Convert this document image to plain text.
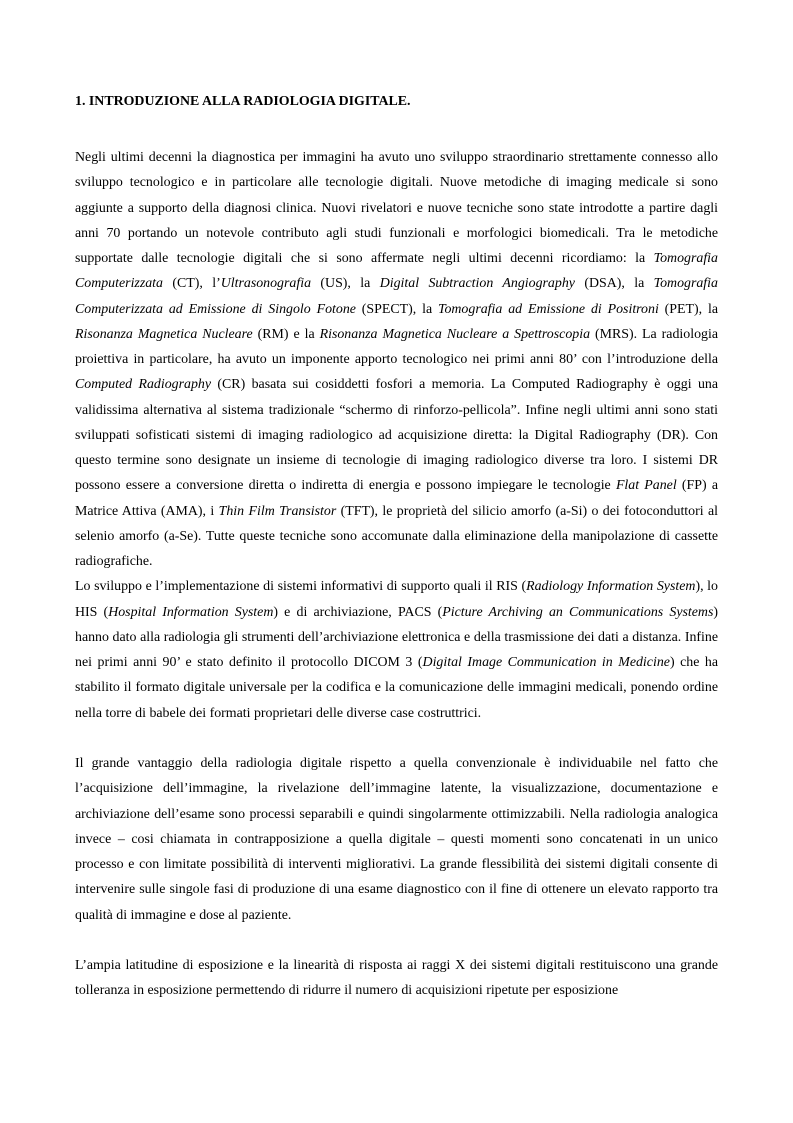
1. INTRODUZIONE ALLA RADIOLOGIA DIGITALE.

Negli ultimi decenni la diagnostica per immagini ha avuto uno sviluppo straordinario strettamente connesso allo sviluppo tecnologico e in particolare alle tecnologie digitali. Nuove metodiche di imaging medicale si sono aggiunte a supporto della diagnosi clinica. Nuovi rivelatori e nuove tecniche sono state introdotte a partire dagli anni 70 portando un notevole contributo agli studi funzionali e morfologici biomedicali. Tra le metodiche supportate dalle tecnologie digitali che si sono affermate negli ultimi decenni ricordiamo: la Tomografia Computerizzata (CT), l’Ultrasonografia (US), la Digital Subtraction Angiography (DSA), la Tomografia Computerizzata ad Emissione di Singolo Fotone (SPECT), la Tomografia ad Emissione di Positroni (PET), la Risonanza Magnetica Nucleare (RM) e la Risonanza Magnetica Nucleare a Spettroscopia (MRS). La radiologia proiettiva in particolare, ha avuto un imponente apporto tecnologico nei primi anni 80’ con l’introduzione della Computed Radiography (CR) basata sui cosiddetti fosfori a memoria. La Computed Radiography è oggi una validissima alternativa al sistema tradizionale “schermo di rinforzo-pellicola”. Infine negli ultimi anni sono stati sviluppati sofisticati sistemi di imaging radiologico ad acquisizione diretta: la Digital Radiography (DR). Con questo termine sono designate un insieme di tecnologie di imaging radiologico diverse tra loro. I sistemi DR possono essere a conversione diretta o indiretta di energia e possono impiegare le tecnologie Flat Panel (FP) a Matrice Attiva (AMA), i Thin Film Transistor (TFT), le proprietà del silicio amorfo (a-Si) o dei fotoconduttori al selenio amorfo (a-Se). Tutte queste tecniche sono accomunate dalla eliminazione della manipolazione di cassette radiografiche.

Lo sviluppo e l’implementazione di sistemi informativi di supporto quali il RIS (Radiology Information System), lo HIS (Hospital Information System) e di archiviazione, PACS (Picture Archiving an Communications Systems) hanno dato alla radiologia gli strumenti dell’archiviazione elettronica e della trasmissione dei dati a distanza. Infine nei primi anni 90’ e stato definito il protocollo DICOM 3 (Digital Image Communication in Medicine) che ha stabilito il formato digitale universale per la codifica e la comunicazione delle immagini medicali, ponendo ordine nella torre di babele dei formati proprietari delle diverse case costruttrici.

Il grande vantaggio della radiologia digitale rispetto a quella convenzionale è individuabile nel fatto che l’acquisizione dell’immagine, la rivelazione dell’immagine latente, la visualizzazione, documentazione e archiviazione dell’esame sono processi separabili e quindi singolarmente ottimizzabili. Nella radiologia analogica invece – cosi chiamata in contrapposizione a quella digitale – questi momenti sono concatenati in un unico processo e con limitate possibilità di interventi migliorativi. La grande flessibilità dei sistemi digitali consente di intervenire sulle singole fasi di produzione di una esame diagnostico con il fine di ottenere un elevato rapporto tra qualità di immagine e dose al paziente.

L’ampia latitudine di esposizione e la linearità di risposta ai raggi X dei sistemi digitali restituiscono una grande tolleranza in esposizione permettendo di ridurre il numero di acquisizioni ripetute per esposizione
